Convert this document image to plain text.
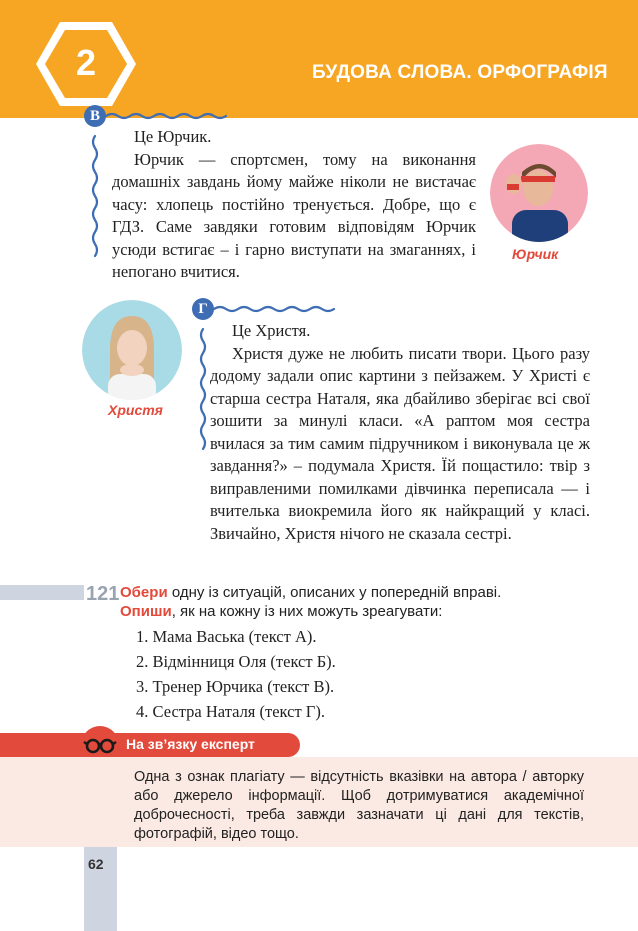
2	БУДОВА СЛОВА. ОРФОГРАФІЯ
В

Це Юрчик.

Юрчик — спортсмен, тому на виконання домашніх завдань йому майже ніколи не вистачає часу: хлопець постійно тренується. Добре, що є ГДЗ. Саме завдяки готовим відповідям Юрчик усюди встигає – і гарно виступати на змаганнях, і непогано вчитися.

Юрчик
Христя
Г

Це Христя.

Христя дуже не любить писати твори. Цього разу додому задали опис картини з пейзажем. У Христі є старша сестра Наталя, яка дбайливо зберігає всі свої зошити за минулі класи. «А раптом моя сестра вчилася за тим самим підручником і виконувала це ж завдання?» – подумала Христя. Їй пощастило: твір з виправленими помилками дівчинка переписала — і вчителька виокремила його як найкращий у класі. Звичайно, Христя нічого не сказала сестрі.

121 Обери одну із ситуацій, описаних у попередній вправі.
Опиши, як на кожну із них можуть зреагувати:
1. Мама Васька (текст А).
2. Відмінниця Оля (текст Б).
3. Тренер Юрчика (текст В).
4. Сестра Наталя (текст Г).
На зв’язку експерт
Одна з ознак плагіату — відсутність вказівки на автора / авторку або джерело інформації. Щоб дотримуватися академічної доброчесності, треба завжди зазначати ці дані для текстів, фотографій, відео тощо.
62
